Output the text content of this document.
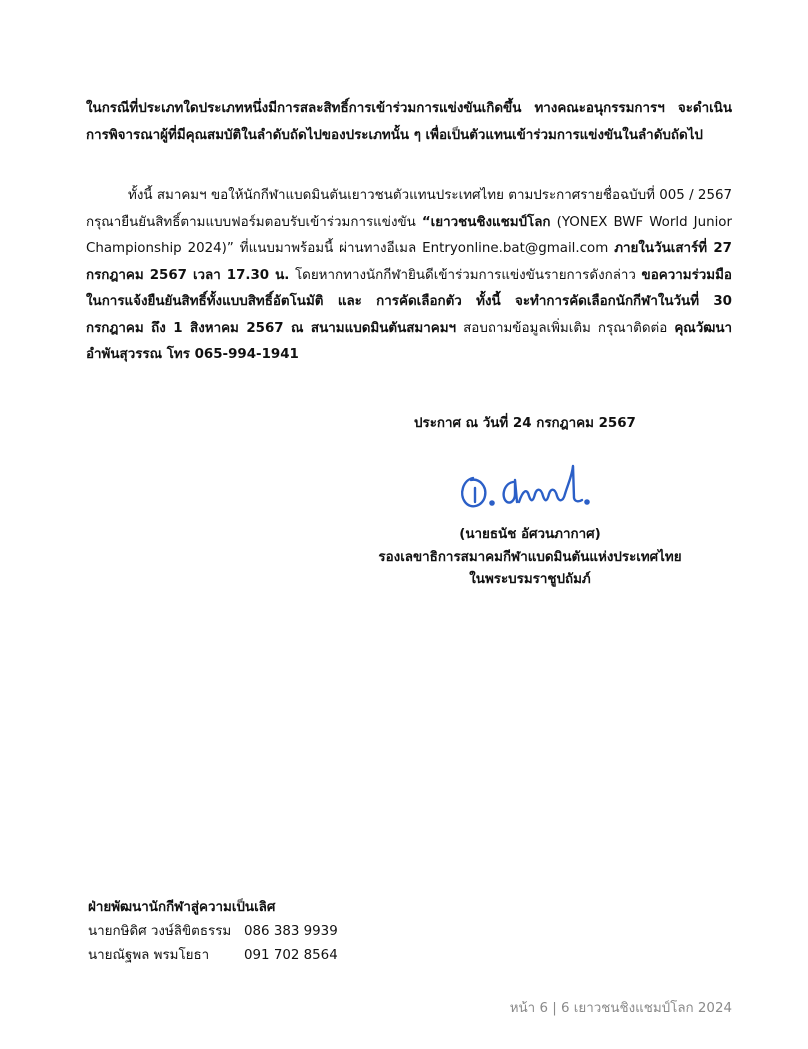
ในกรณีที่ประเภทใดประเภทหนึ่งมีการสละสิทธิ์การเข้าร่วมการแข่งขันเกิดขึ้น ทางคณะอนุกรรมการฯ จะดำเนินการพิจารณาผู้ที่มีคุณสมบัติในลำดับถัดไปของประเภทนั้น ๆ เพื่อเป็นตัวแทนเข้าร่วมการแข่งขันในลำดับถัดไป
ทั้งนี้ สมาคมฯ ขอให้นักกีฬาแบดมินตันเยาวชนตัวแทนประเทศไทย ตามประกาศรายชื่อฉบับที่ 005 / 2567 กรุณายืนยันสิทธิ์ตามแบบฟอร์มตอบรับเข้าร่วมการแข่งขัน “เยาวชนชิงแชมป์โลก (YONEX BWF World Junior Championship 2024)” ที่แนบมาพร้อมนี้ ผ่านทางอีเมล Entryonline.bat@gmail.com ภายในวันเสาร์ที่ 27 กรกฎาคม 2567 เวลา 17.30 น. โดยหากทางนักกีฬายินดีเข้าร่วมการแข่งขันรายการดังกล่าว ขอความร่วมมือในการแจ้งยืนยันสิทธิ์ทั้งแบบสิทธิ์อัตโนมัติ และ การคัดเลือกตัว ทั้งนี้ จะทำการคัดเลือกนักกีฬาในวันที่ 30 กรกฎาคม ถึง 1 สิงหาคม 2567 ณ สนามแบดมินตันสมาคมฯ สอบถามข้อมูลเพิ่มเติม กรุณาติดต่อ คุณวัฒนา อำพันสุวรรณ โทร 065-994-1941
ประกาศ ณ วันที่ 24 กรกฎาคม 2567
(นายธนัช อัศวนภากาศ)
รองเลขาธิการสมาคมกีฬาแบดมินตันแห่งประเทศไทย
ในพระบรมราชูปถัมภ์
ฝ่ายพัฒนานักกีฬาสู่ความเป็นเลิศ
นายกษิดิศ วงษ์ลิขิตธรรม 086 383 9939
นายณัฐพล พรมโยธา	091 702 8564
หน้า 6 | 6 เยาวชนชิงแชมป์โลก 2024
